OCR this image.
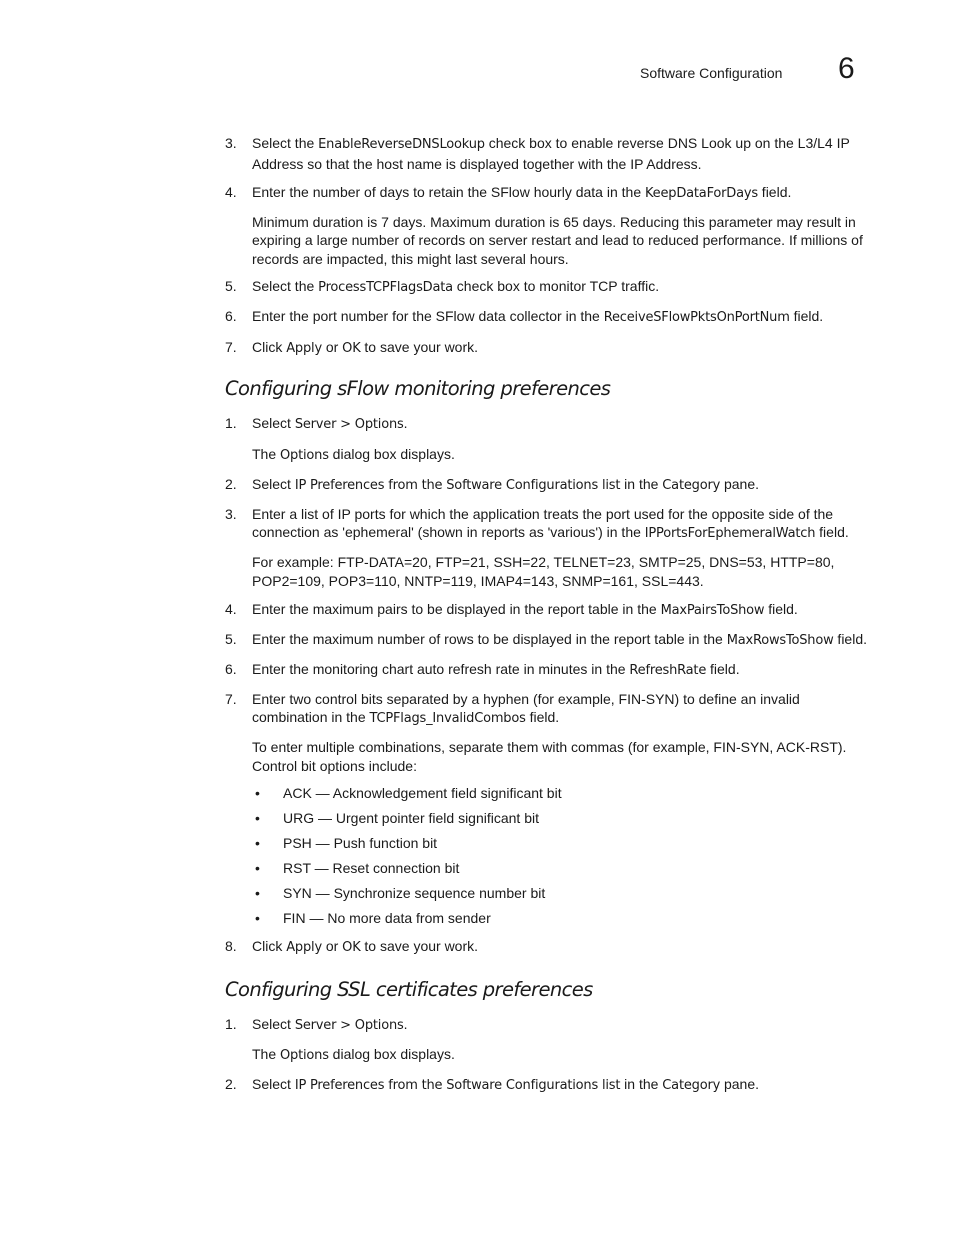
Software Configuration 6
3.	Select the EnableReverseDNSLookup check box to enable reverse DNS Look up on the L3/L4 IP Address so that the host name is displayed together with the IP Address.
4.	Enter the number of days to retain the SFlow hourly data in the KeepDataForDays field.
Minimum duration is 7 days. Maximum duration is 65 days. Reducing this parameter may result in expiring a large number of records on server restart and lead to reduced performance. If millions of records are impacted, this might last several hours.
5.	Select the ProcessTCPFlagsData check box to monitor TCP traffic.
6.	Enter the port number for the SFlow data collector in the ReceiveSFlowPktsOnPortNum field.
7.	Click Apply or OK to save your work.
Configuring sFlow monitoring preferences
1.	Select Server > Options.
The Options dialog box displays.
2.	Select IP Preferences from the Software Configurations list in the Category pane.
3.	Enter a list of IP ports for which the application treats the port used for the opposite side of the connection as 'ephemeral' (shown in reports as 'various') in the IPPortsForEphemeralWatch field.
For example: FTP-DATA=20, FTP=21, SSH=22, TELNET=23, SMTP=25, DNS=53, HTTP=80, POP2=109, POP3=110, NNTP=119, IMAP4=143, SNMP=161, SSL=443.
4.	Enter the maximum pairs to be displayed in the report table in the MaxPairsToShow field.
5.	Enter the maximum number of rows to be displayed in the report table in the MaxRowsToShow field.
6.	Enter the monitoring chart auto refresh rate in minutes in the RefreshRate field.
7.	Enter two control bits separated by a hyphen (for example, FIN-SYN) to define an invalid combination in the TCPFlags_InvalidCombos field.
To enter multiple combinations, separate them with commas (for example, FIN-SYN, ACK-RST). Control bit options include:
•	ACK — Acknowledgement field significant bit
•	URG — Urgent pointer field significant bit
•	PSH — Push function bit
•	RST — Reset connection bit
•	SYN — Synchronize sequence number bit
•	FIN — No more data from sender
8.	Click Apply or OK to save your work.
Configuring SSL certificates preferences
1.	Select Server > Options.
The Options dialog box displays.
2.	Select IP Preferences from the Software Configurations list in the Category pane.
